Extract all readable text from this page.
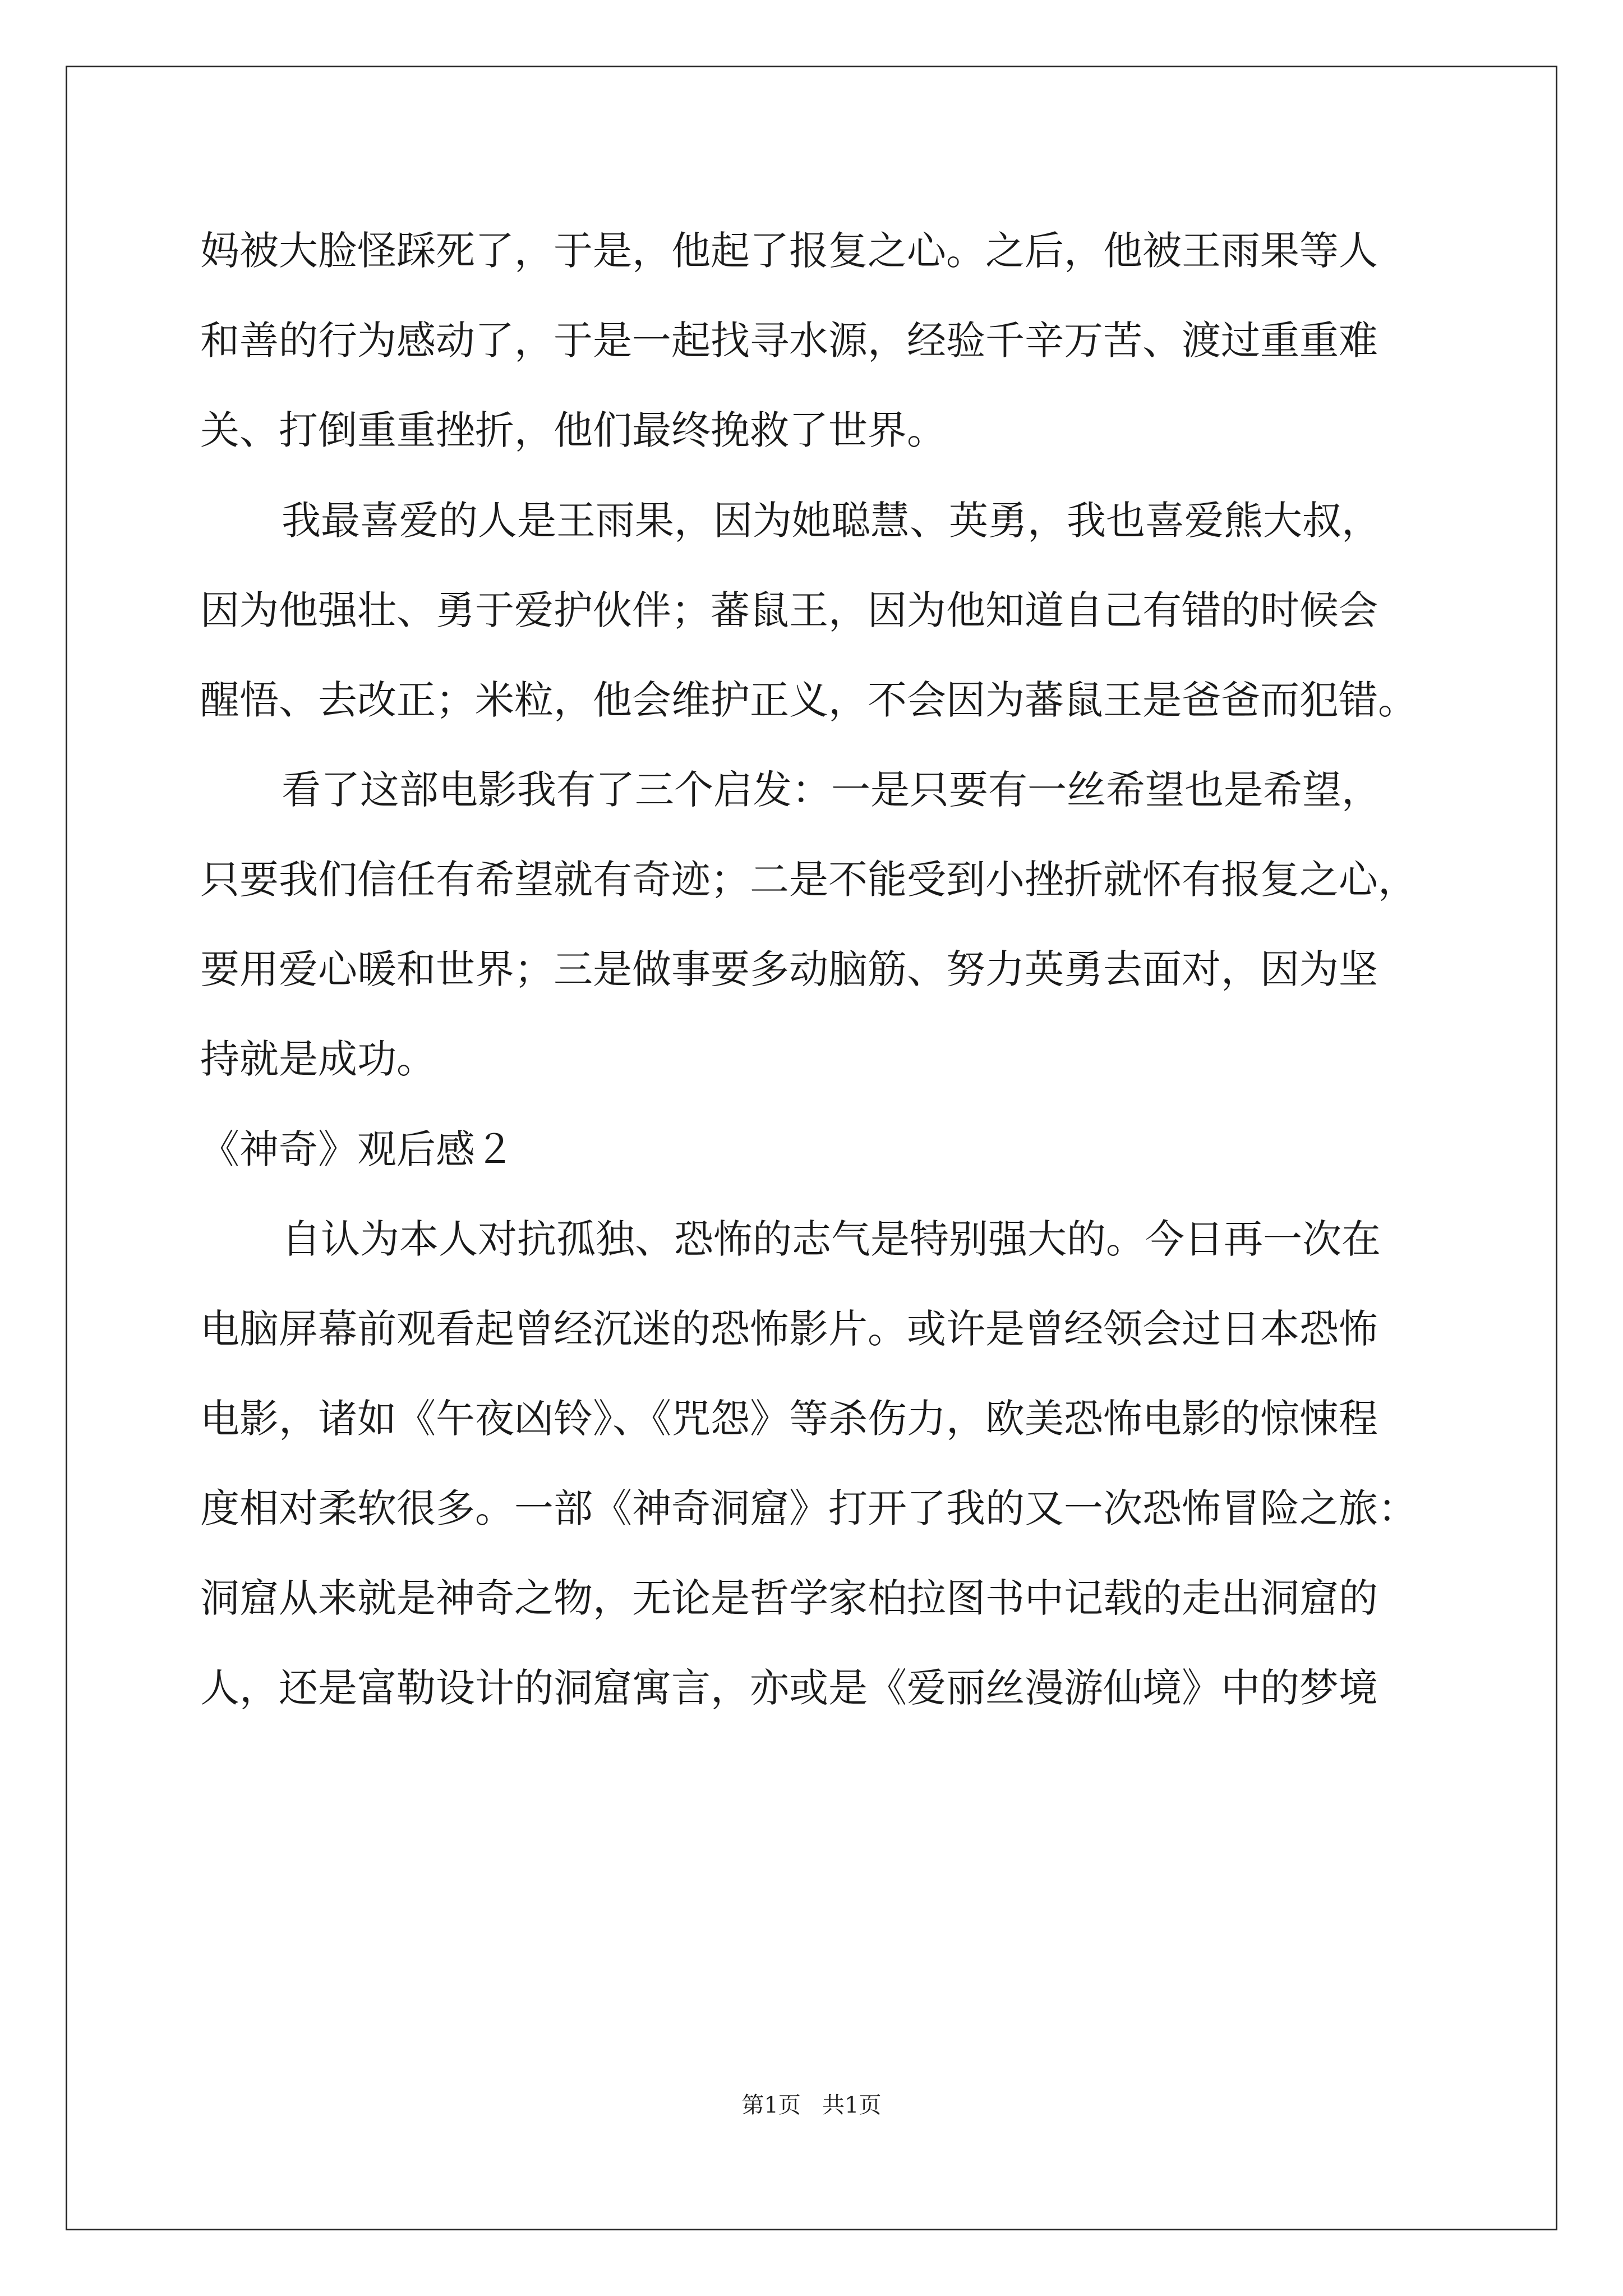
妈被大脸怪踩死了，于是，他起了报复之心。之后，他被王雨果等人
和善的行为感动了，于是一起找寻水源，经验千辛万苦、渡过重重难
关、打倒重重挫折，他们最终挽救了世界。
我最喜爱的人是王雨果，因为她聪慧、英勇，我也喜爱熊大叔，
因为他强壮、勇于爱护伙伴；蕃鼠王，因为他知道自己有错的时候会
醒悟、去改正；米粒，他会维护正义，不会因为蕃鼠王是爸爸而犯错。
看了这部电影我有了三个启发：一是只要有一丝希望也是希望，
只要我们信任有希望就有奇迹；二是不能受到小挫折就怀有报复之心，
要用爱心暖和世界；三是做事要多动脑筋、努力英勇去面对，因为坚
持就是成功。
《神奇》观后感２
自认为本人对抗孤独、恐怖的志气是特别强大的。今日再一次在
电脑屏幕前观看起曾经沉迷的恐怖影片。或许是曾经领会过日本恐怖
电影，诸如《午夜凶铃》、《咒怨》等杀伤力，欧美恐怖电影的惊悚程
度相对柔软很多。一部《神奇洞窟》打开了我的又一次恐怖冒险之旅：
洞窟从来就是神奇之物，无论是哲学家柏拉图书中记载的走出洞窟的
人，还是富勒设计的洞窟寓言，亦或是《爱丽丝漫游仙境》中的梦境
第1页   共1页
